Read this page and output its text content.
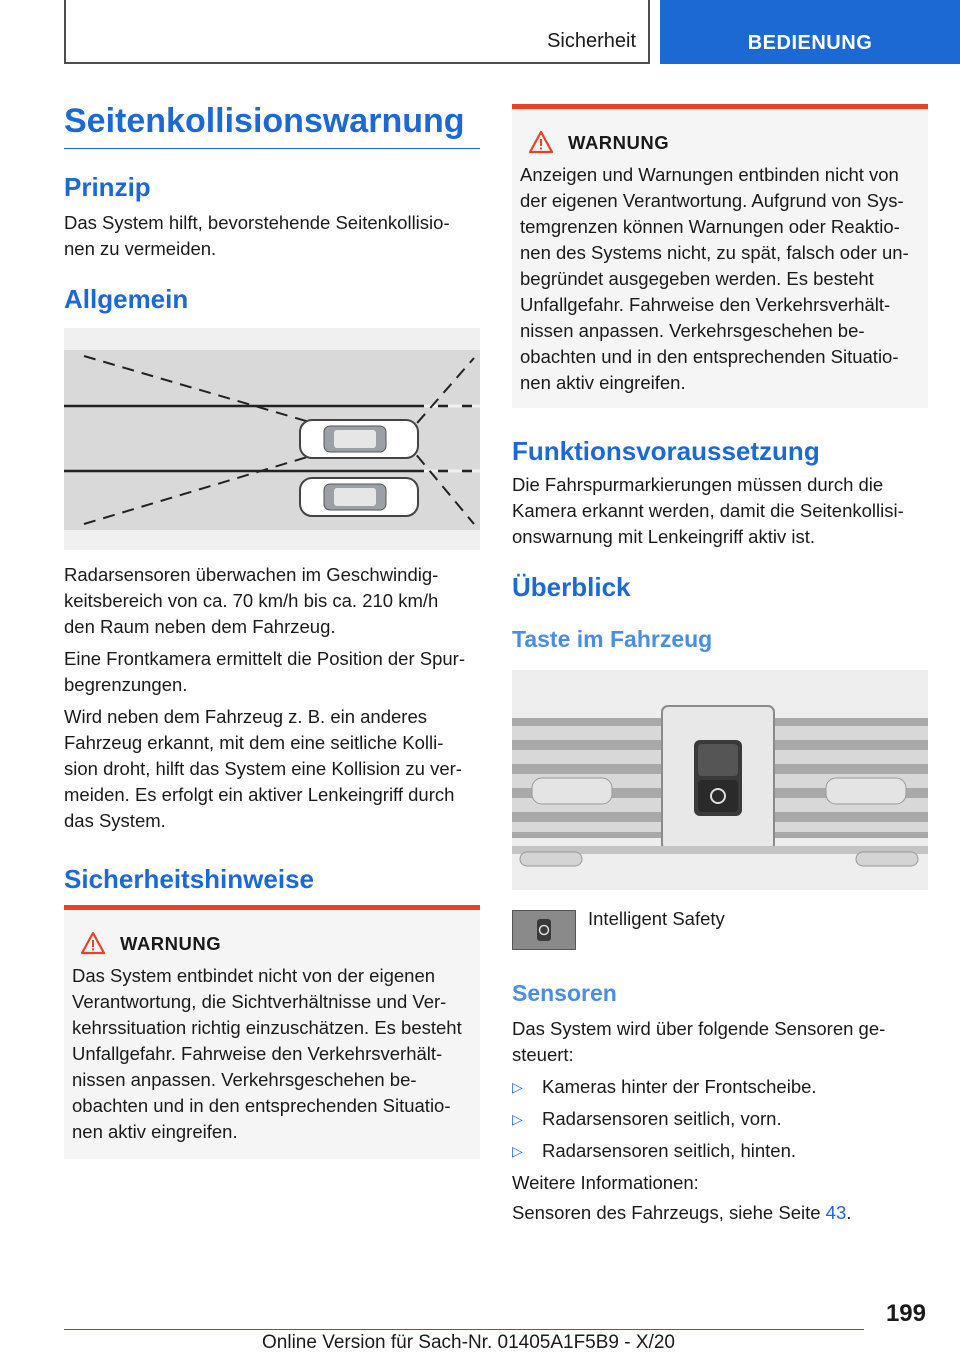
Sicherheit	BEDIENUNG
Seitenkollisionswarnung
Prinzip
Das System hilft, bevorstehende Seitenkollisio-
nen zu vermeiden.
Allgemein
Radarsensoren überwachen im Geschwindig-
keitsbereich von ca. 70 km/h bis ca. 210 km/h
den Raum neben dem Fahrzeug.
Eine Frontkamera ermittelt die Position der Spur-
begrenzungen.
Wird neben dem Fahrzeug z. B. ein anderes
Fahrzeug erkannt, mit dem eine seitliche Kolli-
sion droht, hilft das System eine Kollision zu ver-
meiden. Es erfolgt ein aktiver Lenkeingriff durch
das System.
Sicherheitshinweise
WARNUNG
Das System entbindet nicht von der eigenen
Verantwortung, die Sichtverhältnisse und Ver-
kehrssituation richtig einzuschätzen. Es besteht
Unfallgefahr. Fahrweise den Verkehrsverhält-
nissen anpassen. Verkehrsgeschehen be-
obachten und in den entsprechenden Situatio-
nen aktiv eingreifen.
WARNUNG
Anzeigen und Warnungen entbinden nicht von
der eigenen Verantwortung. Aufgrund von Sys-
temgrenzen können Warnungen oder Reaktio-
nen des Systems nicht, zu spät, falsch oder un-
begründet ausgegeben werden. Es besteht
Unfallgefahr. Fahrweise den Verkehrsverhält-
nissen anpassen. Verkehrsgeschehen be-
obachten und in den entsprechenden Situatio-
nen aktiv eingreifen.
Funktionsvoraussetzung
Die Fahrspurmarkierungen müssen durch die
Kamera erkannt werden, damit die Seitenkollisi-
onswarnung mit Lenkeingriff aktiv ist.
Überblick
Taste im Fahrzeug
Intelligent Safety
Sensoren
Das System wird über folgende Sensoren ge-
steuert:
▷ Kameras hinter der Frontscheibe.
▷ Radarsensoren seitlich, vorn.
▷ Radarsensoren seitlich, hinten.
Weitere Informationen:
Sensoren des Fahrzeugs, siehe Seite 43.
199
Online Version für Sach-Nr. 01405A1F5B9 - X/20
